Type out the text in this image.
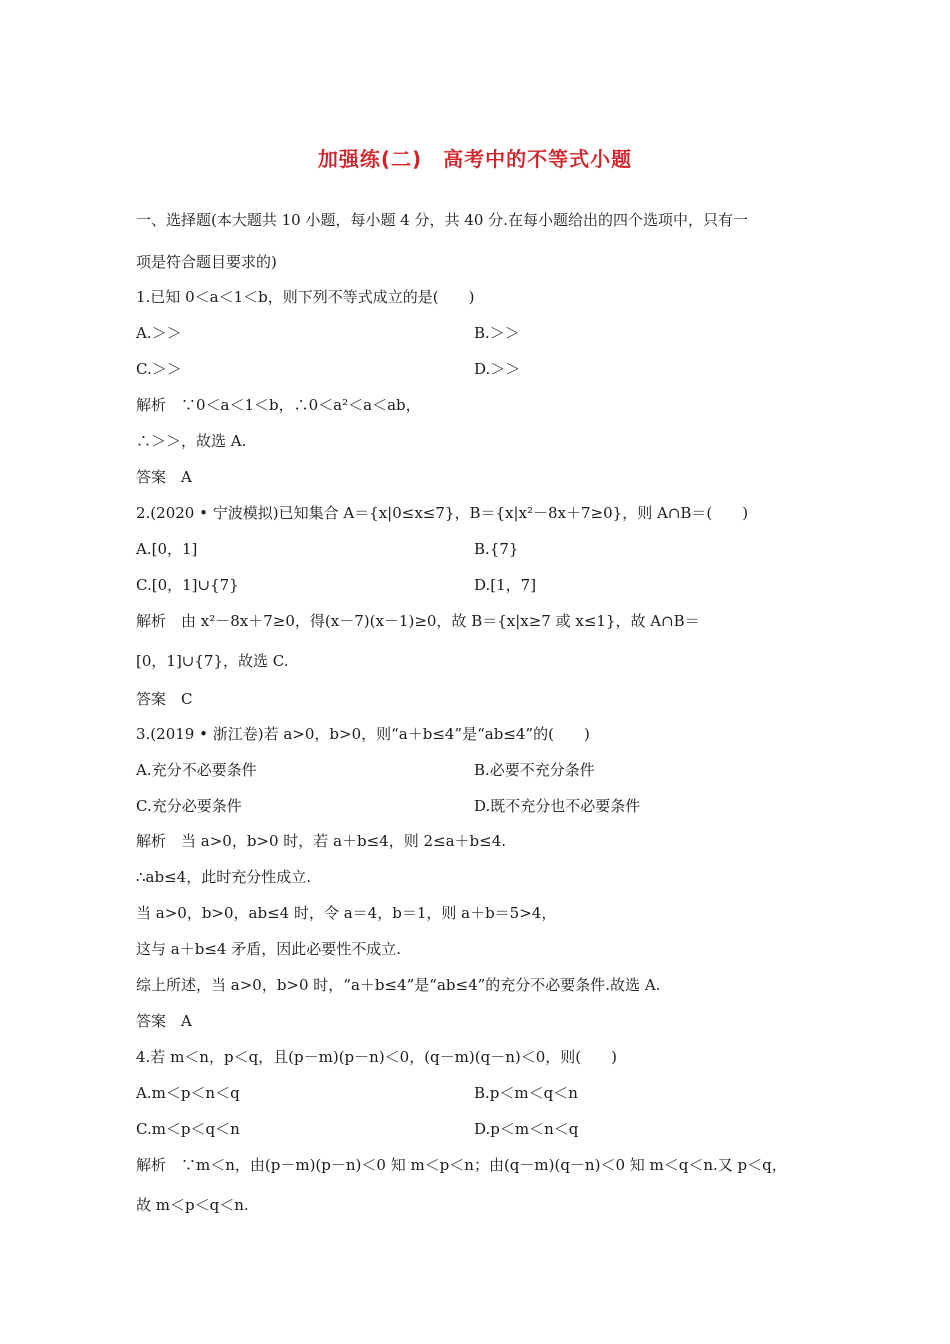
加强练(二)　高考中的不等式小题
一、选择题(本大题共 10 小题，每小题 4 分，共 40 分.在每小题给出的四个选项中，只有一
项是符合题目要求的)
1.已知 0＜a＜1＜b，则下列不等式成立的是(　　)
A.＞＞	B.＞＞
C.＞＞	D.＞＞
解析　∵0＜a＜1＜b，∴0＜a²＜a＜ab，
∴＞＞，故选 A.
答案　A
2.(2020 • 宁波模拟)已知集合 A＝{x|0≤x≤7}，B＝{x|x²－8x＋7≥0}，则 A∩B＝(　　)
A.[0，1]	B.{7}
C.[0，1]∪{7}	D.[1，7]
解析　由 x²－8x＋7≥0，得(x－7)(x－1)≥0，故 B＝{x|x≥7 或 x≤1}，故 A∩B＝
[0，1]∪{7}，故选 C.
答案　C
3.(2019 • 浙江卷)若 a>0，b>0，则“a＋b≤4”是“ab≤4”的(　　)
A.充分不必要条件	B.必要不充分条件
C.充分必要条件	D.既不充分也不必要条件
解析　当 a>0，b>0 时，若 a＋b≤4，则 2≤a＋b≤4.
∴ab≤4，此时充分性成立.
当 a>0，b>0，ab≤4 时，令 a＝4，b＝1，则 a＋b＝5>4，
这与 a＋b≤4 矛盾，因此必要性不成立.
综上所述，当 a>0，b>0 时，“a＋b≤4”是“ab≤4”的充分不必要条件.故选 A.
答案　A
4.若 m＜n，p＜q，且(p－m)(p－n)＜0，(q－m)(q－n)＜0，则(　　)
A.m＜p＜n＜q	B.p＜m＜q＜n
C.m＜p＜q＜n	D.p＜m＜n＜q
解析　∵m＜n，由(p－m)(p－n)＜0 知 m＜p＜n；由(q－m)(q－n)＜0 知 m＜q＜n.又 p＜q，
故 m＜p＜q＜n.
